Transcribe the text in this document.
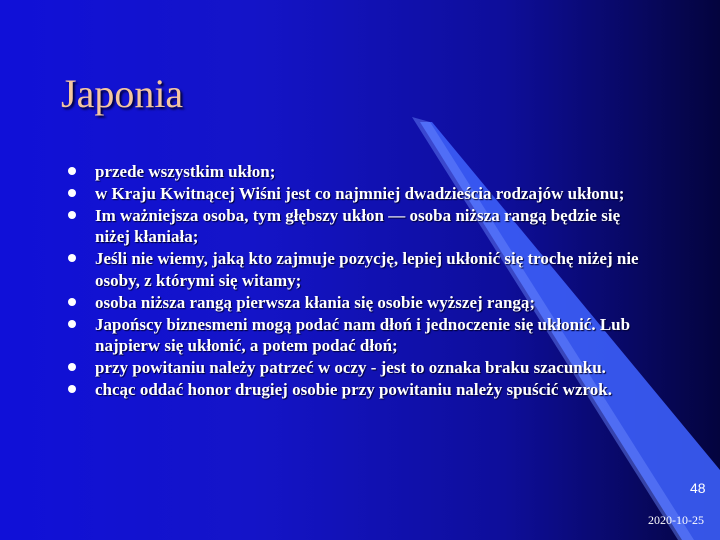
Japonia
przede wszystkim ukłon;
w Kraju Kwitnącej Wiśni jest co najmniej dwadzieścia rodzajów ukłonu;
Im ważniejsza osoba, tym głębszy ukłon — osoba niższa rangą będzie się niżej kłaniała;
Jeśli nie wiemy, jaką kto zajmuje pozycję, lepiej ukłonić się trochę niżej nie osoby, z którymi się witamy;
osoba niższa rangą pierwsza kłania się osobie wyższej rangą;
Japońscy biznesmeni mogą podać nam dłoń i jednoczenie się ukłonić. Lub najpierw się ukłonić, a potem podać dłoń;
przy powitaniu należy patrzeć w oczy - jest to oznaka braku szacunku.
chcąc oddać honor drugiej osobie przy powitaniu należy spuścić wzrok.
48
2020-10-25
